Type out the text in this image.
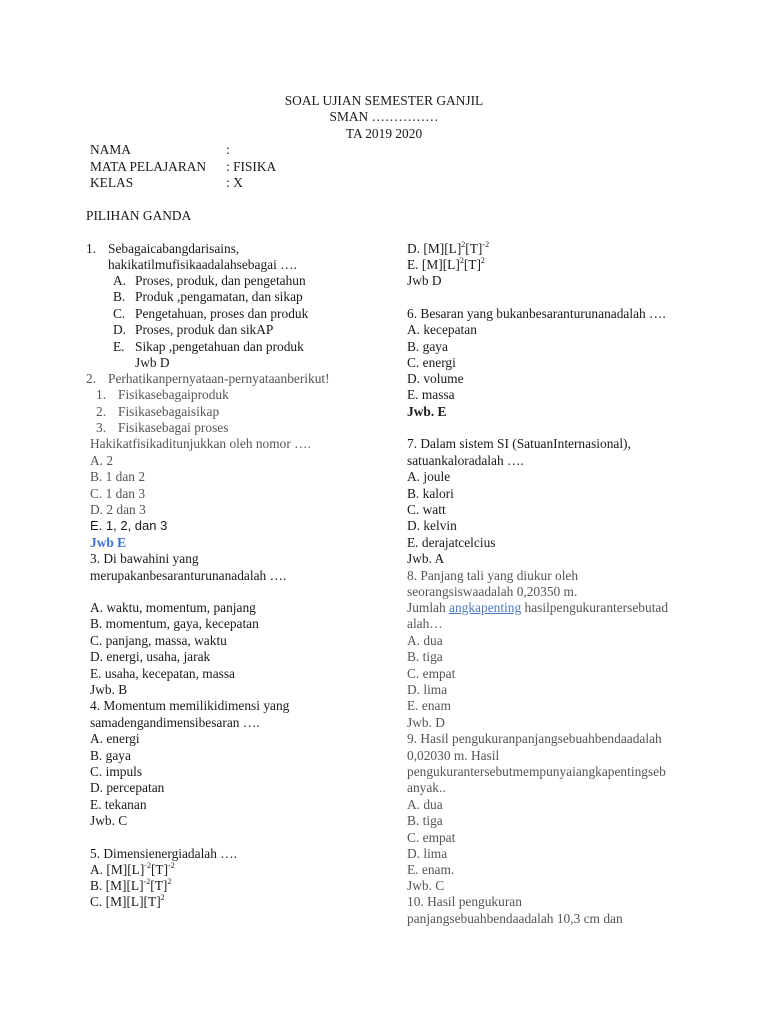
SOAL UJIAN SEMESTER GANJIL
SMAN ……………
TA 2019 2020
NAMA	:
MATA PELAJARAN : FISIKA
KELAS	: X
PILIHAN GANDA
1. Sebagaicabangdarisains,
hakikatilmufisikaadalahsebagai ….
A. Proses, produk, dan pengetahun
B. Produk ,pengamatan, dan sikap
C. Pengetahuan, proses dan produk
D. Proses, produk dan sikAP
E. Sikap ,pengetahuan dan produk
Jwb D
2. Perhatikanpernyataan-pernyataanberikut!
1. Fisikasebagaiproduk
2. Fisikasebagaisikap
3. Fisikasebagai proses
Hakikatfisikaditunjukkan oleh nomor ….
A. 2
B. 1 dan 2
C. 1 dan 3
D. 2 dan 3
E. 1, 2, dan 3
Jwb E
3. Di bawahini yang
merupakanbesaranturunanadalah ….
A. waktu, momentum, panjang
B. momentum, gaya, kecepatan
C. panjang, massa, waktu
D. energi, usaha, jarak
E. usaha, kecepatan, massa
Jwb. B
4. Momentum memilikidimensi yang
samadengandimensibesaran ….
A. energi
B. gaya
C. impuls
D. percepatan
E. tekanan
Jwb. C
5. Dimensienergiadalah ….
A. $[M][L]^{-2}[T]^{-2}$
B. $[M][L]^{-2}[T]^2$
C. $[M][L][T]^2$
D. $[M][L]^2[T]^{-2}$
E. $[M][L]^2[T]^2$
Jwb D
6. Besaran yang bukanbesaranturunanadalah ….
A. kecepatan
B. gaya
C. energi
D. volume
E. massa
Jwb. E
7. Dalam sistem SI (SatuanInternasional),
satuankaloradalah ….
A. joule
B. kalori
C. watt
D. kelvin
E. derajatcelcius
Jwb. A
8. Panjang tali yang diukur oleh
seorangsiswaadalah 0,20350 m.
Jumlah angkapenting hasilpengukurantersebutad
alah…
A. dua
B. tiga
C. empat
D. lima
E. enam
Jwb. D
9. Hasil pengukuranpanjangsebuahbendaadalah
0,02030 m. Hasil
pengukurantersebutmempunyaiangkapentingseb
anyak..
A. dua
B. tiga
C. empat
D. lima
E. enam.
Jwb. C
10. Hasil pengukuran
panjangsebuahbendaadalah 10,3 cm dan
